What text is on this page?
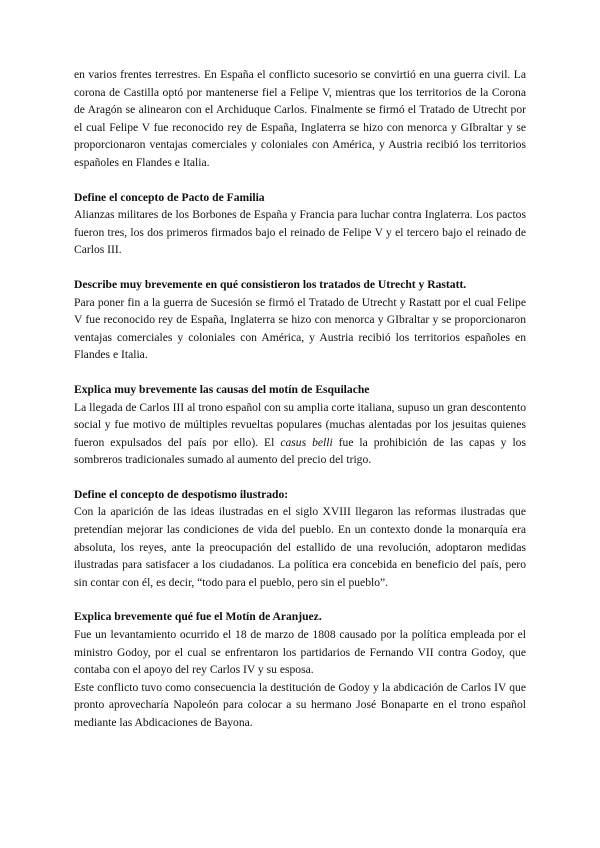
en varios frentes terrestres. En España el conflicto sucesorio se convirtió en una guerra civil. La corona de Castilla optó por mantenerse fiel a Felipe V, mientras que los territorios de la Corona de Aragón se alinearon con el Archiduque Carlos. Finalmente se firmó el Tratado de Utrecht por el cual Felipe V fue reconocido rey de España, Inglaterra se hizo con menorca y GIbraltar y se proporcionaron ventajas comerciales y coloniales con América, y Austria recibió los territorios españoles en Flandes e Italia.

Define el concepto de Pacto de Familia

Alianzas militares de los Borbones de España y Francia para luchar contra Inglaterra. Los pactos fueron tres, los dos primeros firmados bajo el reinado de Felipe V y el tercero bajo el reinado de Carlos III.

Describe muy brevemente en qué consistieron los tratados de Utrecht y Rastatt.

Para poner fin a la guerra de Sucesión se firmó el Tratado de Utrecht y Rastatt por el cual Felipe V fue reconocido rey de España, Inglaterra se hizo con menorca y GIbraltar y se proporcionaron ventajas comerciales y coloniales con América, y Austria recibió los territorios españoles en Flandes e Italia.

Explica muy brevemente las causas del motín de Esquilache

La llegada de Carlos III al trono español con su amplia corte italiana, supuso un gran descontento social y fue motivo de múltiples revueltas populares (muchas alentadas por los jesuitas quienes fueron expulsados del país por ello). El casus belli fue la prohibición de las capas y los sombreros tradicionales sumado al aumento del precio del trigo.

Define el concepto de despotismo ilustrado:

Con la aparición de las ideas ilustradas en el siglo XVIII llegaron las reformas ilustradas que pretendían mejorar las condiciones de vida del pueblo. En un contexto donde la monarquía era absoluta, los reyes, ante la preocupación del estallido de una revolución, adoptaron medidas ilustradas para satisfacer a los ciudadanos. La política era concebida en beneficio del país, pero sin contar con él, es decir, “todo para el pueblo, pero sin el pueblo”.

Explica brevemente qué fue el Motín de Aranjuez.

Fue un levantamiento ocurrido el 18 de marzo de 1808 causado por la política empleada por el ministro Godoy, por el cual se enfrentaron los partidarios de Fernando VII contra Godoy, que contaba con el apoyo del rey Carlos IV y su esposa.

Este conflicto tuvo como consecuencia la destitución de Godoy y la abdicación de Carlos IV que pronto aprovecharía Napoleón para colocar a su hermano José Bonaparte en el trono español mediante las Abdicaciones de Bayona.
